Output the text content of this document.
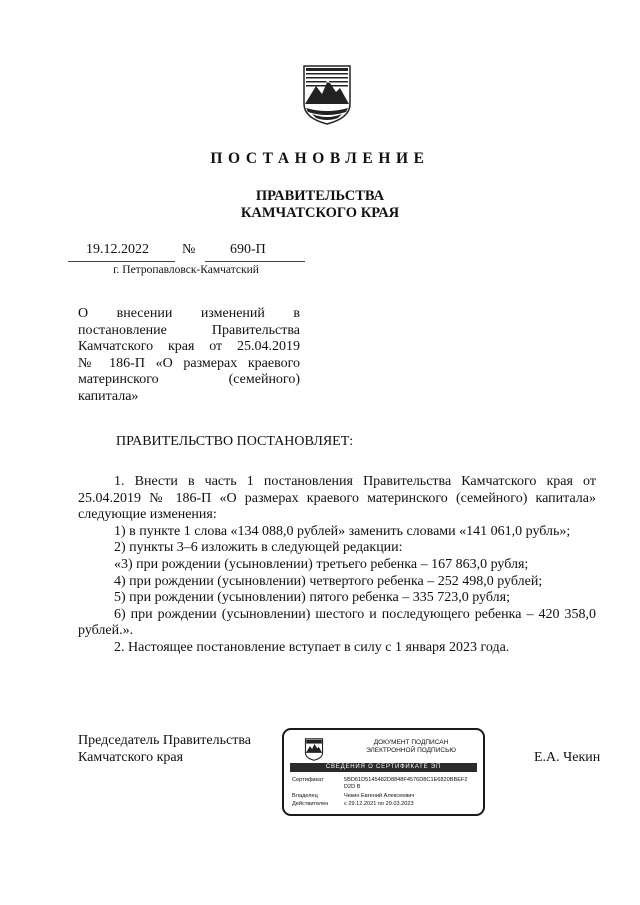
ПОСТАНОВЛЕНИЕ
ПРАВИТЕЛЬСТВА
КАМЧАТСКОГО КРАЯ
19.12.2022 № 690-П
г. Петропавловск-Камчатский
О внесении изменений в
постановление Правительства
Камчатского края от 25.04.2019
№ 186-П «О размерах краевого
материнского (семейного)
капитала»
ПРАВИТЕЛЬСТВО ПОСТАНОВЛЯЕТ:

1. Внести в часть 1 постановления Правительства Камчатского края от 25.04.2019 № 186-П «О размерах краевого материнского (семейного) капитала» следующие изменения:

1) в пункте 1 слова «134 088,0 рублей» заменить словами «141 061,0 рубль»;

2) пункты 3–6 изложить в следующей редакции:

«3) при рождении (усыновлении) третьего ребенка – 167 863,0 рубля;

4) при рождении (усыновлении) четвертого ребенка – 252 498,0 рублей;

5) при рождении (усыновлении) пятого ребенка – 335 723,0 рубля;

6) при рождении (усыновлении) шестого и последующего ребенка – 420 358,0 рублей.».

2. Настоящее постановление вступает в силу с 1 января 2023 года.

Председатель Правительства
Камчатского края	Е.А. Чекин
ДОКУМЕНТ ПОДПИСАН
ЭЛЕКТРОННОЙ ПОДПИСЬЮ
СВЕДЕНИЯ О СЕРТИФИКАТЕ ЭП
Сертификат	5BD61D5145482D8848F4576D8C1E6820BBEF2D2D B
Владелец	Чекин Евгений Алексеевич
Действителен	с 29.12.2021 по 29.03.2023
